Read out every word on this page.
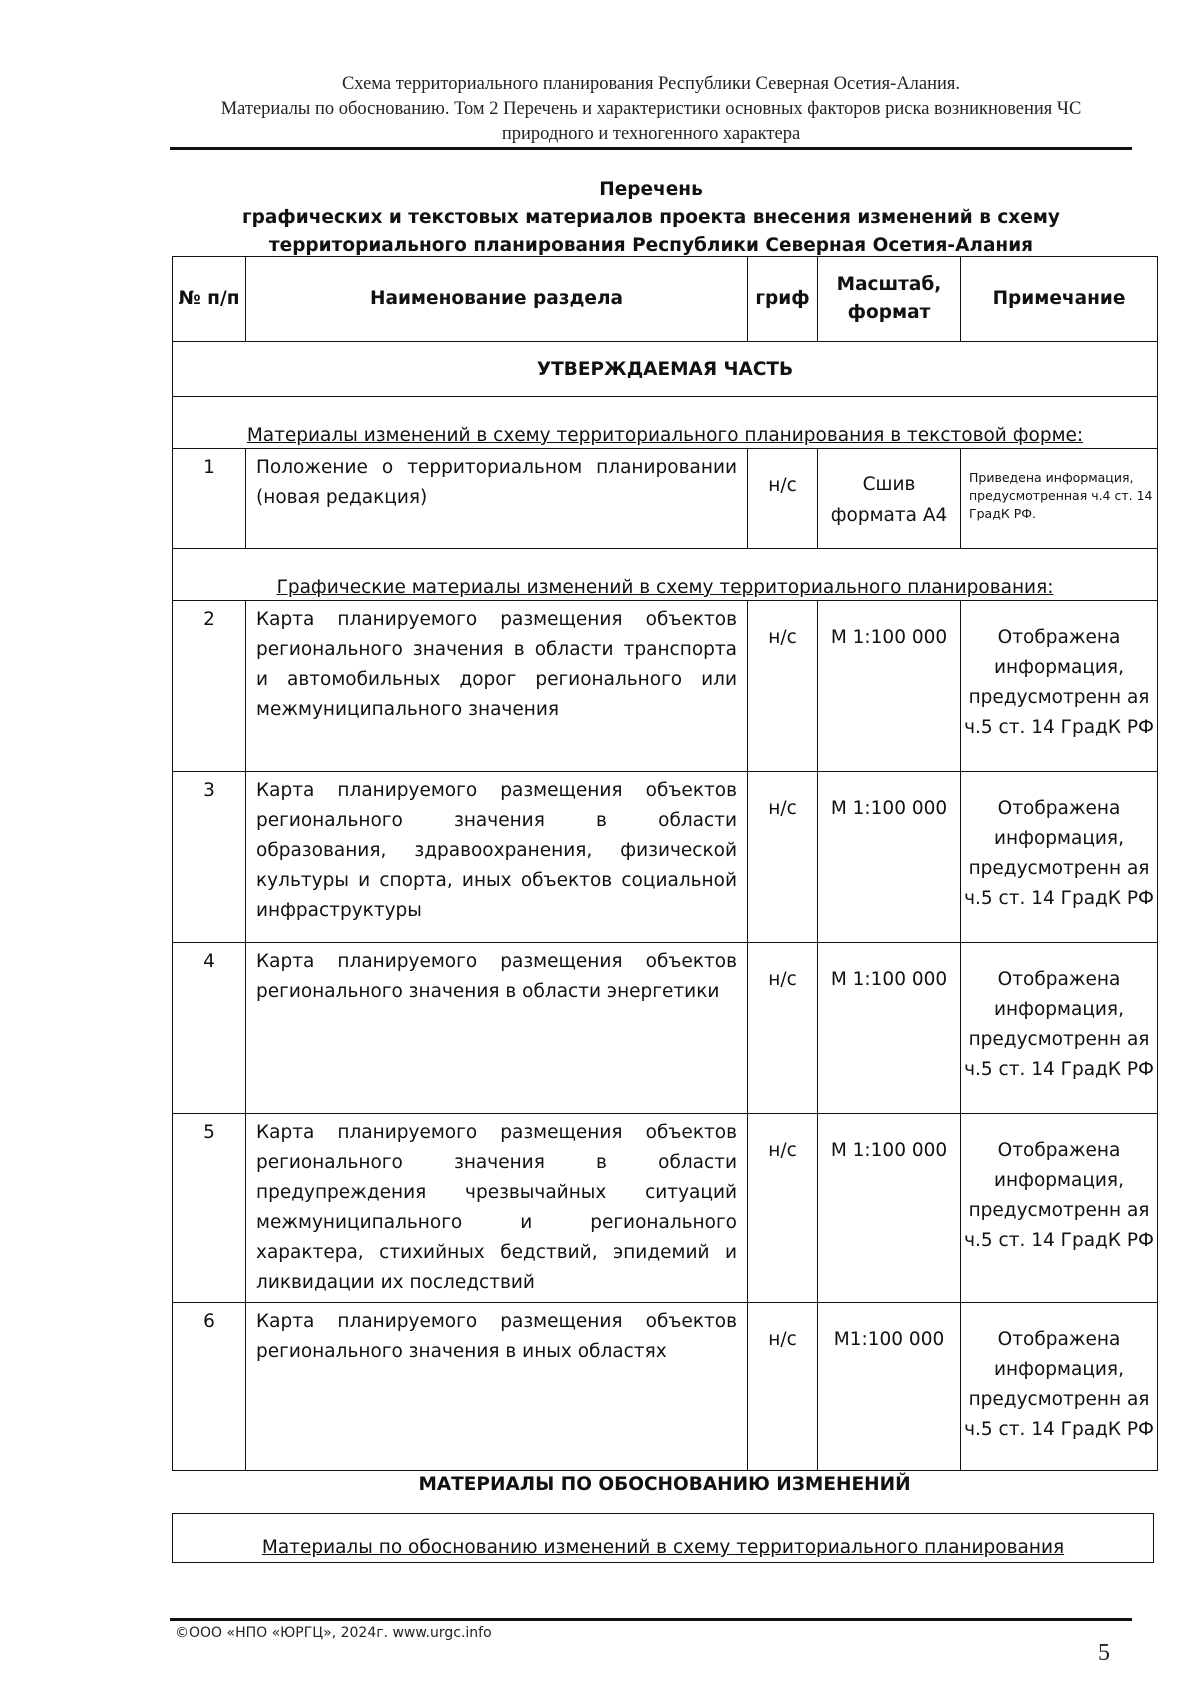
Схема территориального планирования Республики Северная Осетия-Алания.
Материалы по обоснованию. Том 2 Перечень и характеристики основных факторов риска возникновения ЧС
природного и техногенного характера
Перечень
графических и текстовых материалов проекта внесения изменений в схему
территориального планирования Республики Северная Осетия-Алания
№ п/п	Наименование раздела	гриф	Масштаб, формат	Примечание
УТВЕРЖДАЕМАЯ ЧАСТЬ				
Материалы изменений в схему территориального планирования в текстовой форме:				
1	Положение о территориальном планировании (новая редакция)	н/с	Сшив формата А4	Приведена информация, предусмотренная ч.4 ст. 14 ГрадК РФ.
Графические материалы изменений в схему территориального планирования:				
2	Карта планируемого размещения объектов регионального значения в области транспорта и автомобильных дорог регионального или межмуниципального значения	н/с	М 1:100 000	Отображена информация, предусмотренн ая ч.5 ст. 14 ГрадК РФ
3	Карта планируемого размещения объектов регионального значения в области образования, здравоохранения, физической культуры и спорта, иных объектов социальной инфраструктуры	н/с	М 1:100 000	Отображена информация, предусмотренн ая ч.5 ст. 14 ГрадК РФ
4	Карта планируемого размещения объектов регионального значения в области энергетики	н/с	М 1:100 000	Отображена информация, предусмотренн ая ч.5 ст. 14 ГрадК РФ
5	Карта планируемого размещения объектов регионального значения в области предупреждения чрезвычайных ситуаций межмуниципального и регионального характера, стихийных бедствий, эпидемий и ликвидации их последствий	н/с	М 1:100 000	Отображена информация, предусмотренн ая ч.5 ст. 14 ГрадК РФ
6	Карта планируемого размещения объектов регионального значения в иных областях	н/с	М1:100 000	Отображена информация, предусмотренн ая ч.5 ст. 14 ГрадК РФ
МАТЕРИАЛЫ ПО ОБОСНОВАНИЮ ИЗМЕНЕНИЙ
Материалы по обоснованию изменений в схему территориального планирования
©ООО «НПО «ЮРГЦ», 2024г. www.urgc.info
5
